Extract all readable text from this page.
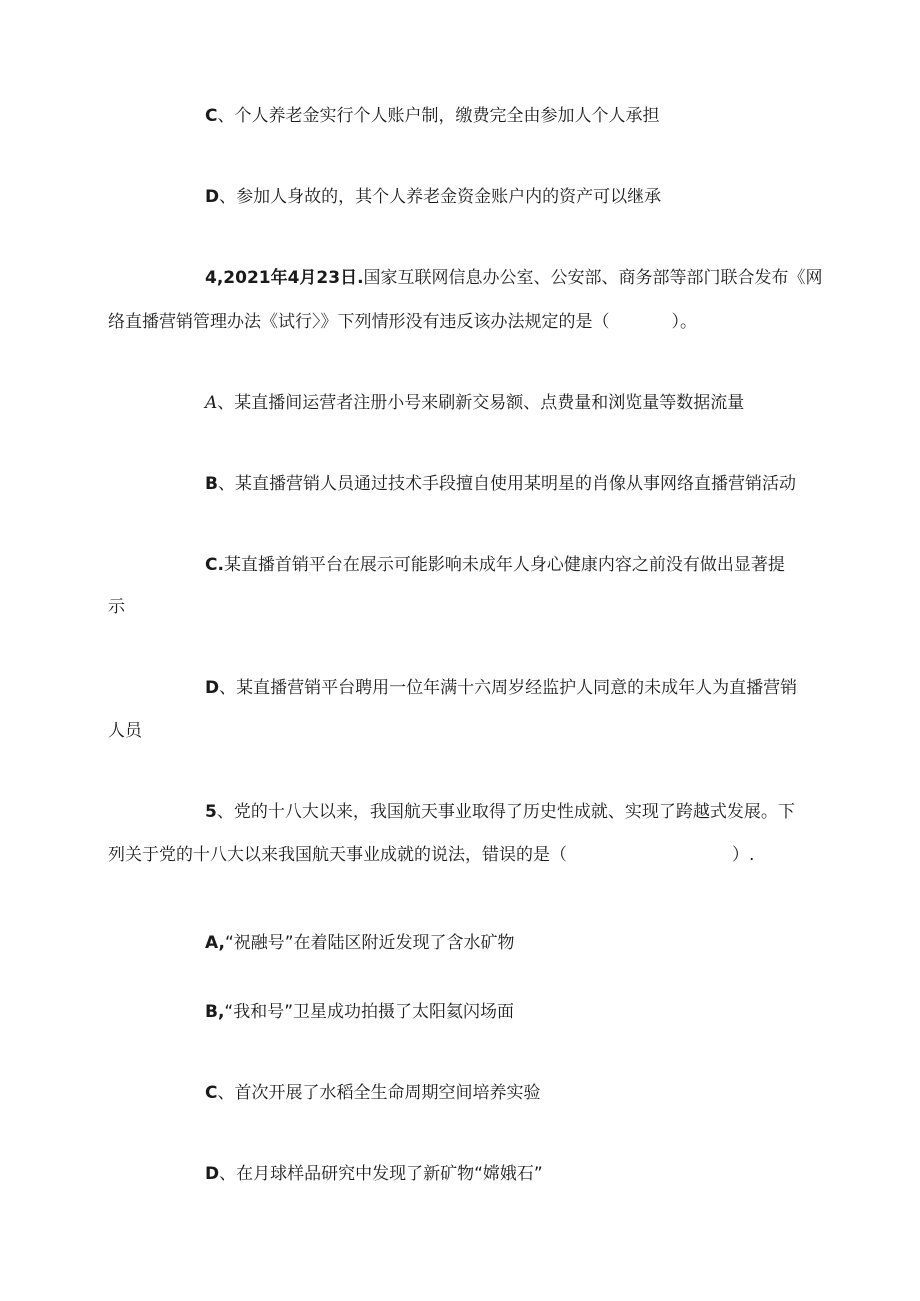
C、个人养老金实行个人账户制，缴费完全由参加人个人承担
D、参加人身故的，其个人养老金资金账户内的资产可以继承
4,2021年4月23日.国家互联网信息办公室、公安部、商务部等部门联合发布《网
络直播营销管理办法《试行〉》下列情形没有违反该办法规定的是（	）。
A、某直播间运营者注册小号来刷新交易额、点费量和浏览量等数据流量
B、某直播营销人员通过技术手段擅自使用某明星的肖像从事网络直播营销活动
C.某直播首销平台在展示可能影响未成年人身心健康内容之前没有做出显著提
示
D、某直播营销平台聘用一位年满十六周岁经监护人同意的未成年人为直播营销
人员
5、党的十八大以来，我国航天事业取得了历史性成就、实现了跨越式发展。下
列关于党的十八大以来我国航天事业成就的说法，错误的是（	）.
A,“祝融号”在着陆区附近发现了含水矿物
B,“我和号”卫星成功拍摄了太阳氦闪场面
C、首次开展了水稻全生命周期空间培养实验
D、在月球样品研究中发现了新矿物“嫦娥石”
